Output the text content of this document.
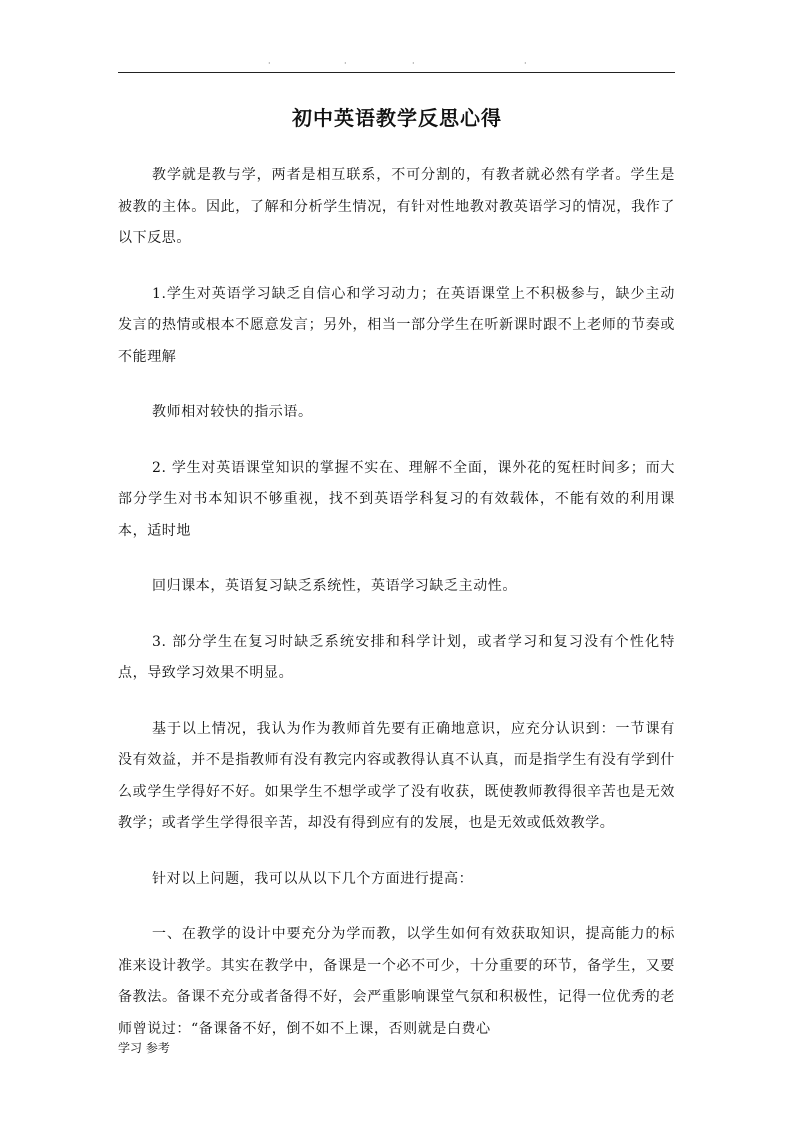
·	·	·	·
初中英语教学反思心得

教学就是教与学，两者是相互联系，不可分割的，有教者就必然有学者。学生是被教的主体。因此，了解和分析学生情况，有针对性地教对教英语学习的情况，我作了以下反思。

1.学生对英语学习缺乏自信心和学习动力；在英语课堂上不积极参与，缺少主动发言的热情或根本不愿意发言；另外，相当一部分学生在听新课时跟不上老师的节奏或不能理解

教师相对较快的指示语。

2. 学生对英语课堂知识的掌握不实在、理解不全面，课外花的冤枉时间多；而大部分学生对书本知识不够重视，找不到英语学科复习的有效载体，不能有效的利用课本，适时地

回归课本，英语复习缺乏系统性，英语学习缺乏主动性。

3. 部分学生在复习时缺乏系统安排和科学计划，或者学习和复习没有个性化特点，导致学习效果不明显。

基于以上情况，我认为作为教师首先要有正确地意识，应充分认识到：一节课有没有效益，并不是指教师有没有教完内容或教得认真不认真，而是指学生有没有学到什么或学生学得好不好。如果学生不想学或学了没有收获，既使教师教得很辛苦也是无效教学；或者学生学得很辛苦，却没有得到应有的发展，也是无效或低效教学。

针对以上问题，我可以从以下几个方面进行提高：

一、在教学的设计中要充分为学而教，以学生如何有效获取知识，提高能力的标准来设计教学。其实在教学中，备课是一个必不可少，十分重要的环节，备学生，又要备教法。备课不充分或者备得不好，会严重影响课堂气氛和积极性，记得一位优秀的老师曾说过：“备课备不好，倒不如不上课，否则就是白费心

学习 参考
